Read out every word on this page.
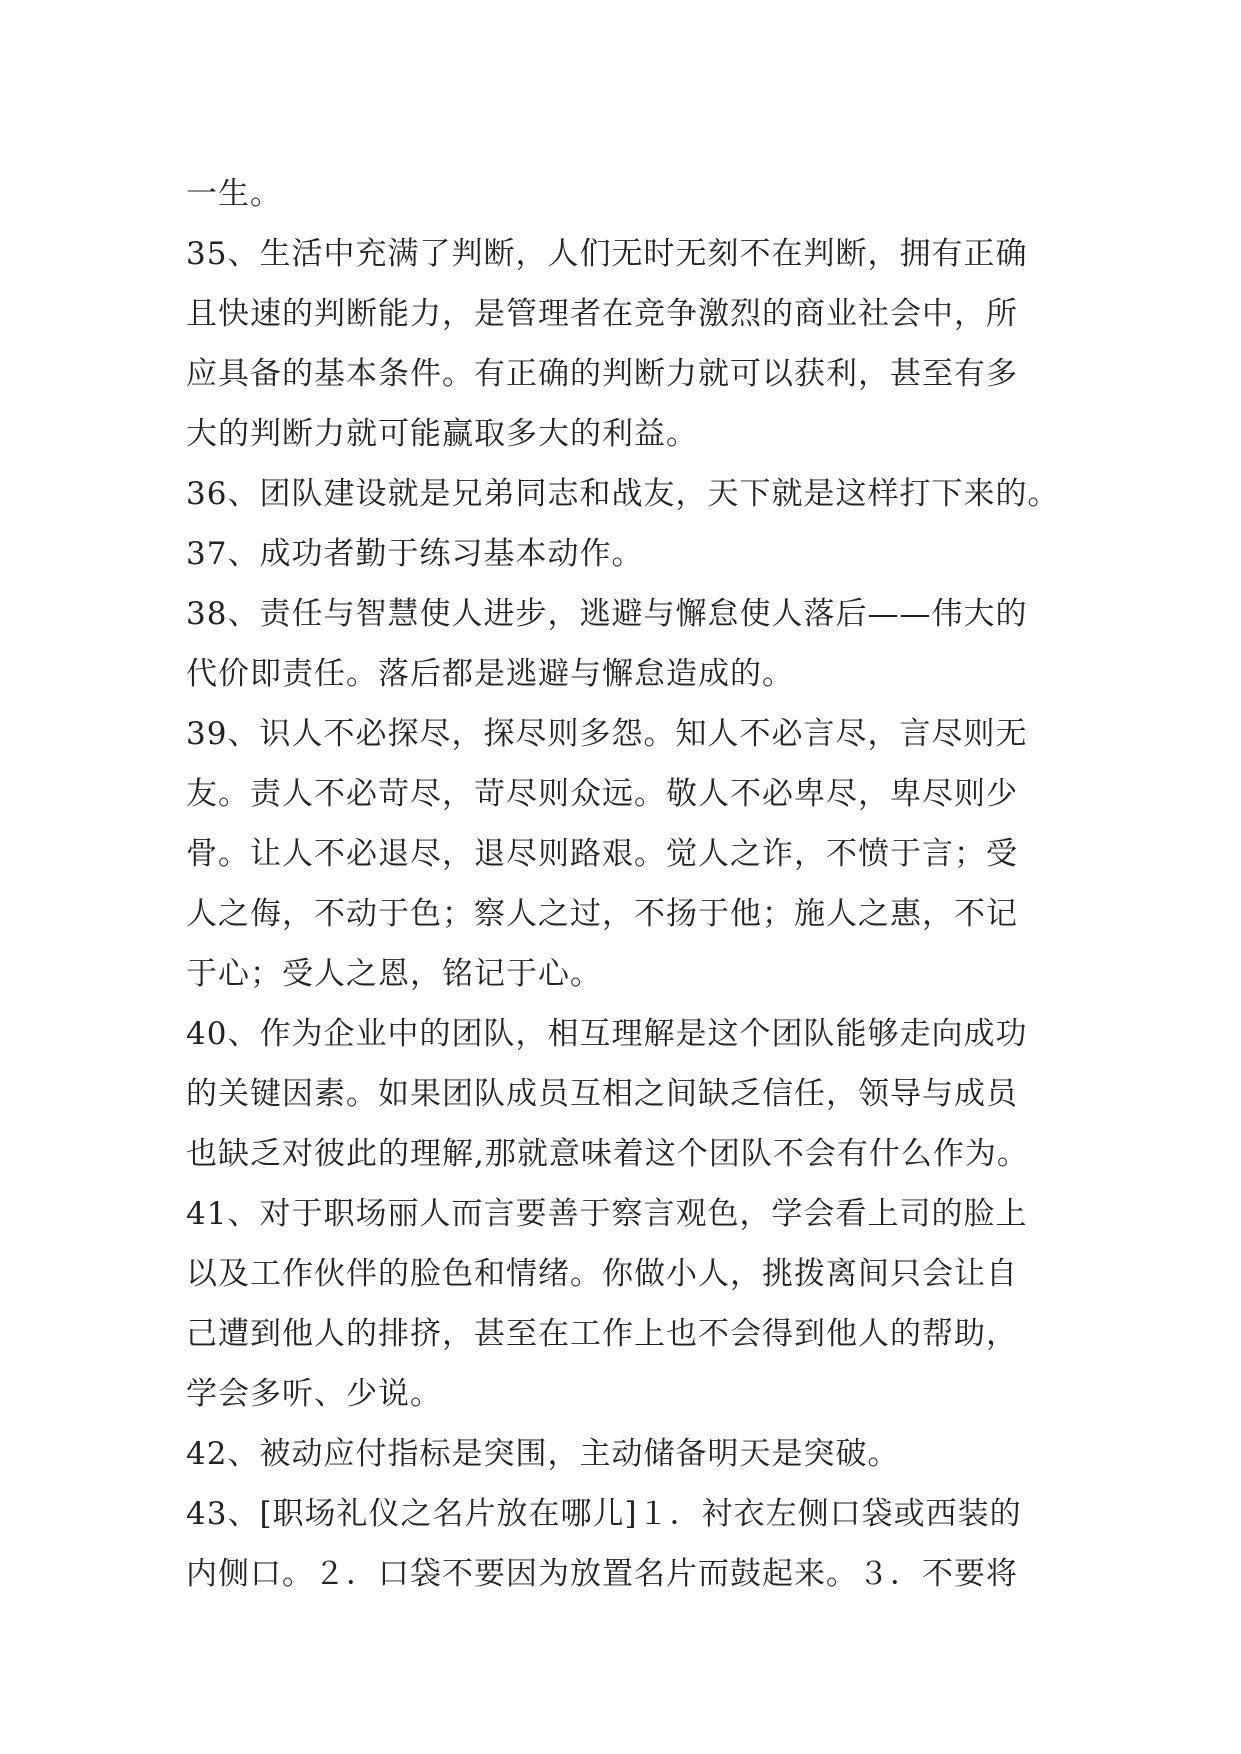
一生。
35、生活中充满了判断，人们无时无刻不在判断，拥有正确
且快速的判断能力，是管理者在竞争激烈的商业社会中，所
应具备的基本条件。有正确的判断力就可以获利，甚至有多
大的判断力就可能赢取多大的利益。
36、团队建设就是兄弟同志和战友，天下就是这样打下来的。
37、成功者勤于练习基本动作。
38、责任与智慧使人进步，逃避与懈怠使人落后——伟大的
代价即责任。落后都是逃避与懈怠造成的。
39、识人不必探尽，探尽则多怨。知人不必言尽，言尽则无
友。责人不必苛尽，苛尽则众远。敬人不必卑尽，卑尽则少
骨。让人不必退尽，退尽则路艰。觉人之诈，不愤于言；受
人之侮，不动于色；察人之过，不扬于他；施人之惠，不记
于心；受人之恩，铭记于心。
40、作为企业中的团队，相互理解是这个团队能够走向成功
的关键因素。如果团队成员互相之间缺乏信任，领导与成员
也缺乏对彼此的理解,那就意味着这个团队不会有什么作为。
41、对于职场丽人而言要善于察言观色，学会看上司的脸上
以及工作伙伴的脸色和情绪。你做小人，挑拨离间只会让自
己遭到他人的排挤，甚至在工作上也不会得到他人的帮助，
学会多听、少说。
42、被动应付指标是突围，主动储备明天是突破。
43、[职场礼仪之名片放在哪儿]１．衬衣左侧口袋或西装的
内侧口。２．口袋不要因为放置名片而鼓起来。３．不要将
